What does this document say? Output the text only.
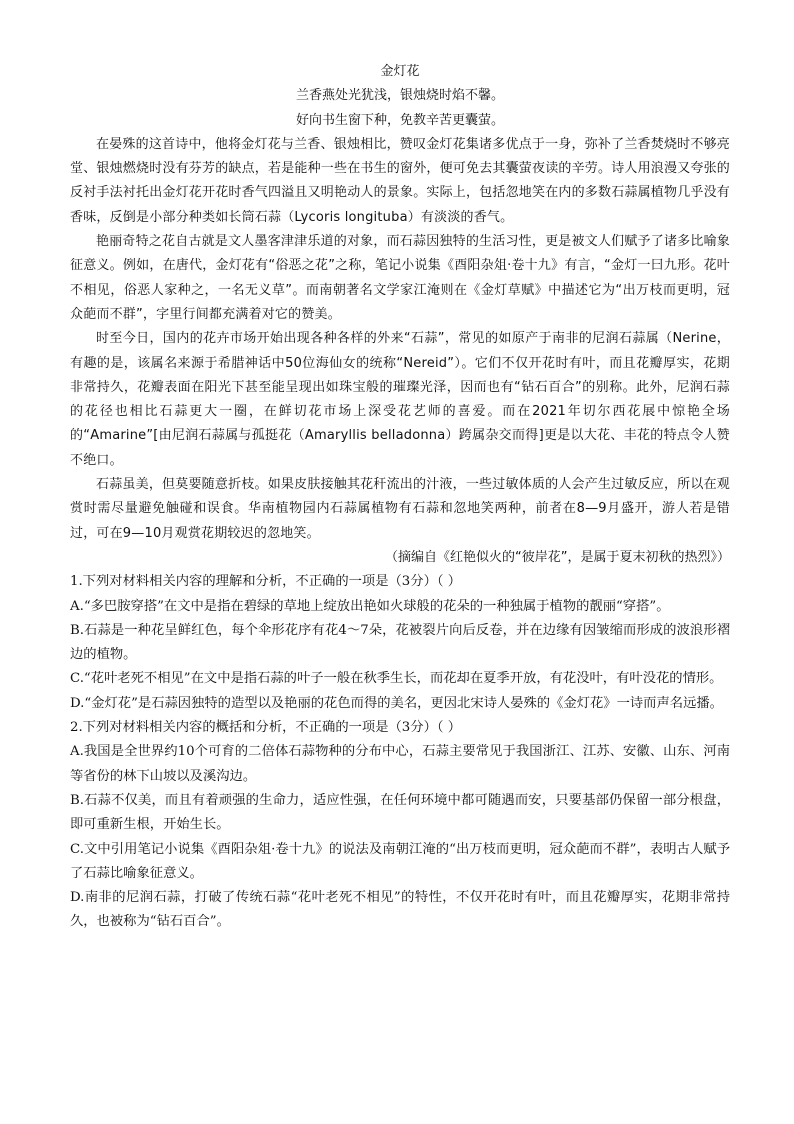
金灯花
兰香燕处光犹浅，银烛烧时焰不馨。
好向书生窗下种，免教辛苦更囊萤。

在晏殊的这首诗中，他将金灯花与兰香、银烛相比，赞叹金灯花集诸多优点于一身，弥补了兰香焚烧时不够亮堂、银烛燃烧时没有芬芳的缺点，若是能种一些在书生的窗外，便可免去其囊萤夜读的辛劳。诗人用浪漫又夸张的反衬手法衬托出金灯花开花时香气四溢且又明艳动人的景象。实际上，包括忽地笑在内的多数石蒜属植物几乎没有香味，反倒是小部分种类如长筒石蒜（Lycoris longituba）有淡淡的香气。

艳丽奇特之花自古就是文人墨客津津乐道的对象，而石蒜因独特的生活习性，更是被文人们赋予了诸多比喻象征意义。例如，在唐代，金灯花有“俗恶之花”之称，笔记小说集《酉阳杂俎·卷十九》有言，“金灯一曰九形。花叶不相见，俗恶人家种之，一名无义草”。而南朝著名文学家江淹则在《金灯草赋》中描述它为“出万枝而更明，冠众葩而不群”，字里行间都充满着对它的赞美。

时至今日，国内的花卉市场开始出现各种各样的外来“石蒜”，常见的如原产于南非的尼润石蒜属（Nerine，有趣的是，该属名来源于希腊神话中50位海仙女的统称“Nereid”）。它们不仅开花时有叶，而且花瓣厚实，花期非常持久，花瓣表面在阳光下甚至能呈现出如珠宝般的璀璨光泽，因而也有“钻石百合”的别称。此外，尼润石蒜的花径也相比石蒜更大一圈，在鲜切花市场上深受花艺师的喜爱。而在2021年切尔西花展中惊艳全场的“Amarine”[由尼润石蒜属与孤挺花（Amaryllis belladonna）跨属杂交而得]更是以大花、丰花的特点令人赞不绝口。

石蒜虽美，但莫要随意折枝。如果皮肤接触其花秆流出的汁液，一些过敏体质的人会产生过敏反应，所以在观赏时需尽量避免触碰和误食。华南植物园内石蒜属植物有石蒜和忽地笑两种，前者在8—9月盛开，游人若是错过，可在9—10月观赏花期较迟的忽地笑。

（摘编自《红艳似火的“彼岸花”，是属于夏末初秋的热烈》）

1.下列对材料相关内容的理解和分析，不正确的一项是（3分）（ ）

A.“多巴胺穿搭”在文中是指在碧绿的草地上绽放出艳如火球般的花朵的一种独属于植物的靓丽“穿搭”。

B.石蒜是一种花呈鲜红色，每个伞形花序有花4～7朵，花被裂片向后反卷，并在边缘有因皱缩而形成的波浪形褶边的植物。

C.“花叶老死不相见”在文中是指石蒜的叶子一般在秋季生长，而花却在夏季开放，有花没叶，有叶没花的情形。

D.“金灯花”是石蒜因独特的造型以及艳丽的花色而得的美名，更因北宋诗人晏殊的《金灯花》一诗而声名远播。

2.下列对材料相关内容的概括和分析，不正确的一项是（3分）（ ）

A.我国是全世界约10个可育的二倍体石蒜物种的分布中心，石蒜主要常见于我国浙江、江苏、安徽、山东、河南等省份的林下山坡以及溪沟边。

B.石蒜不仅美，而且有着顽强的生命力，适应性强，在任何环境中都可随遇而安，只要基部仍保留一部分根盘，即可重新生根，开始生长。

C.文中引用笔记小说集《酉阳杂俎·卷十九》的说法及南朝江淹的“出万枝而更明，冠众葩而不群”，表明古人赋予了石蒜比喻象征意义。

D.南非的尼润石蒜，打破了传统石蒜“花叶老死不相见”的特性，不仅开花时有叶，而且花瓣厚实，花期非常持久，也被称为“钻石百合”。
